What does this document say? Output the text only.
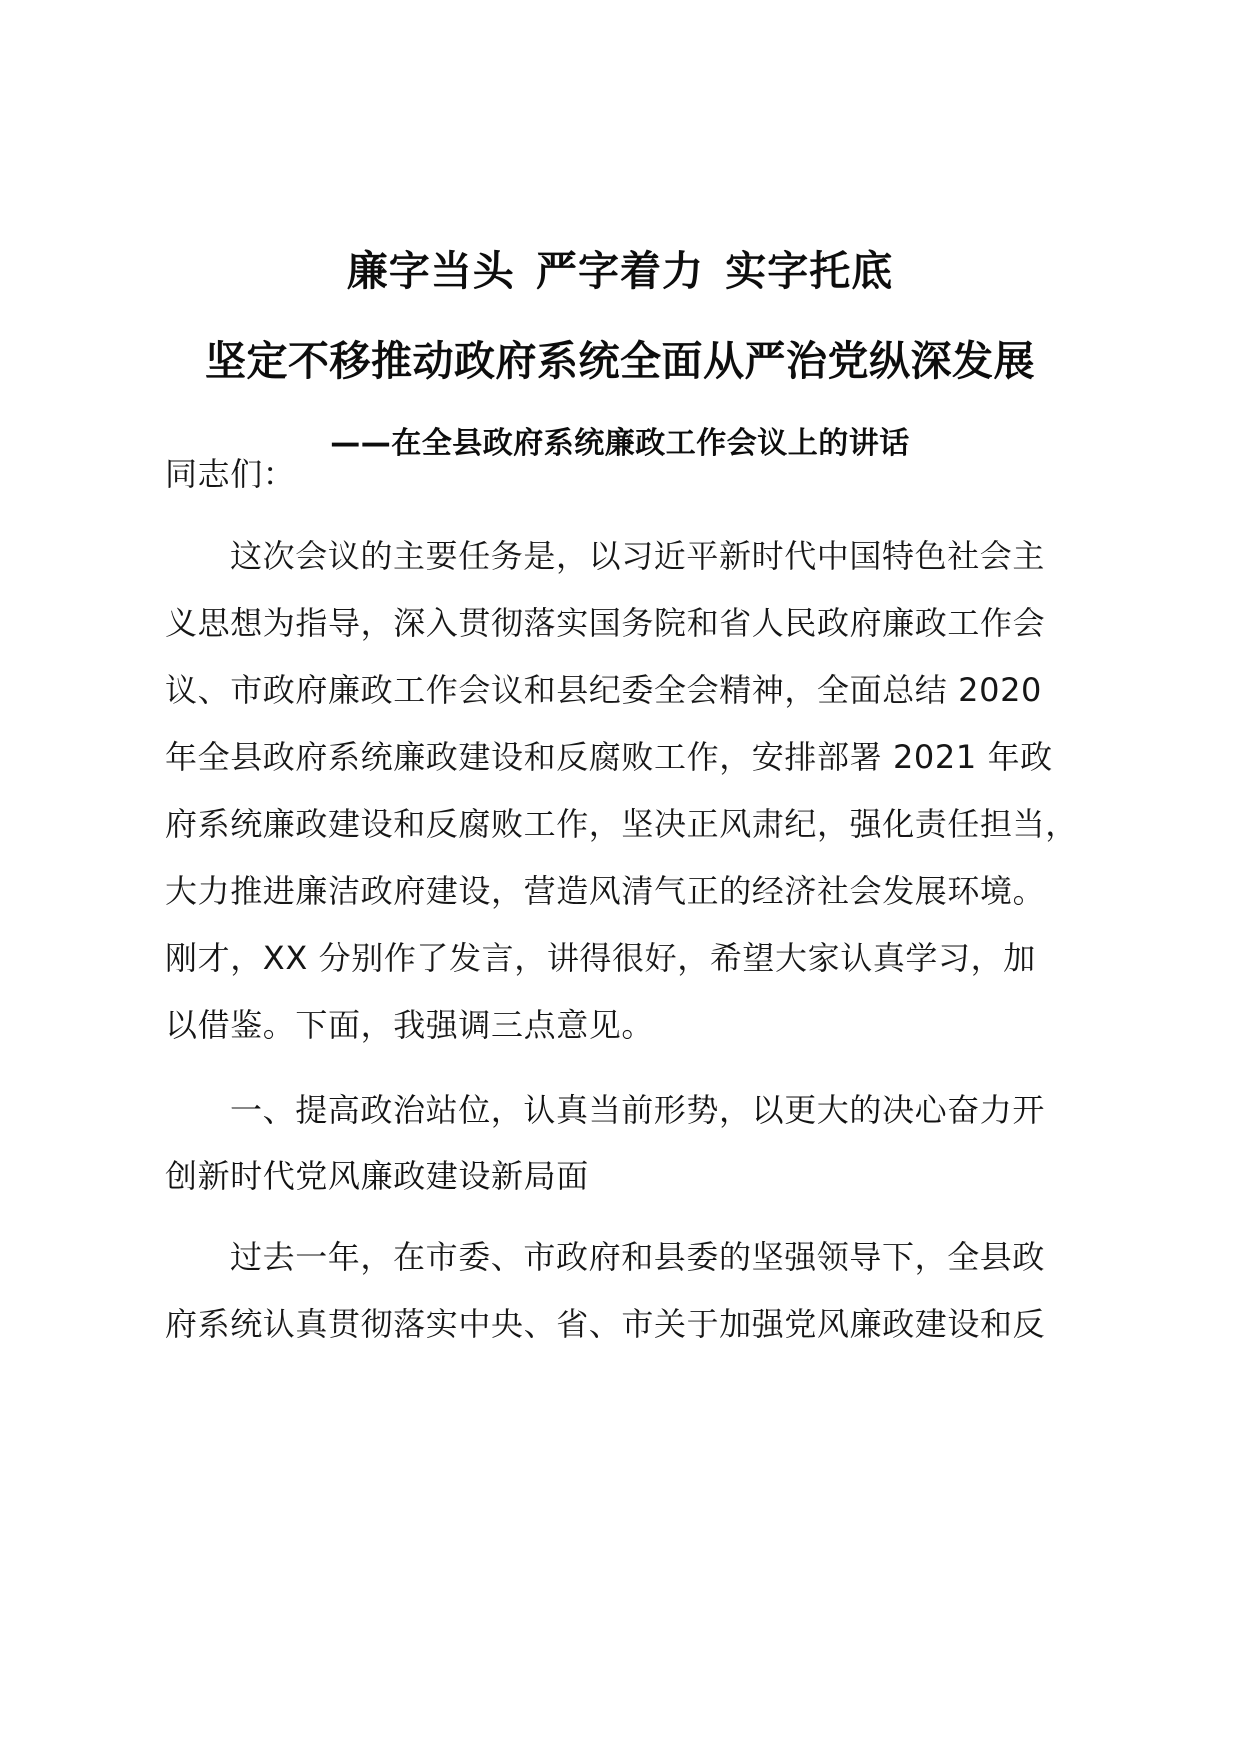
廉字当头 严字着力 实字托底
坚定不移推动政府系统全面从严治党纵深发展
——在全县政府系统廉政工作会议上的讲话
同志们：
这次会议的主要任务是，以习近平新时代中国特色社会主
义思想为指导，深入贯彻落实国务院和省人民政府廉政工作会
议、市政府廉政工作会议和县纪委全会精神，全面总结 2020
年全县政府系统廉政建设和反腐败工作，安排部署 2021 年政
府系统廉政建设和反腐败工作，坚决正风肃纪，强化责任担当，
大力推进廉洁政府建设，营造风清气正的经济社会发展环境。
刚才，XX 分别作了发言，讲得很好，希望大家认真学习，加
以借鉴。下面，我强调三点意见。
一、提高政治站位，认真当前形势，以更大的决心奋力开
创新时代党风廉政建设新局面
过去一年，在市委、市政府和县委的坚强领导下，全县政
府系统认真贯彻落实中央、省、市关于加强党风廉政建设和反
